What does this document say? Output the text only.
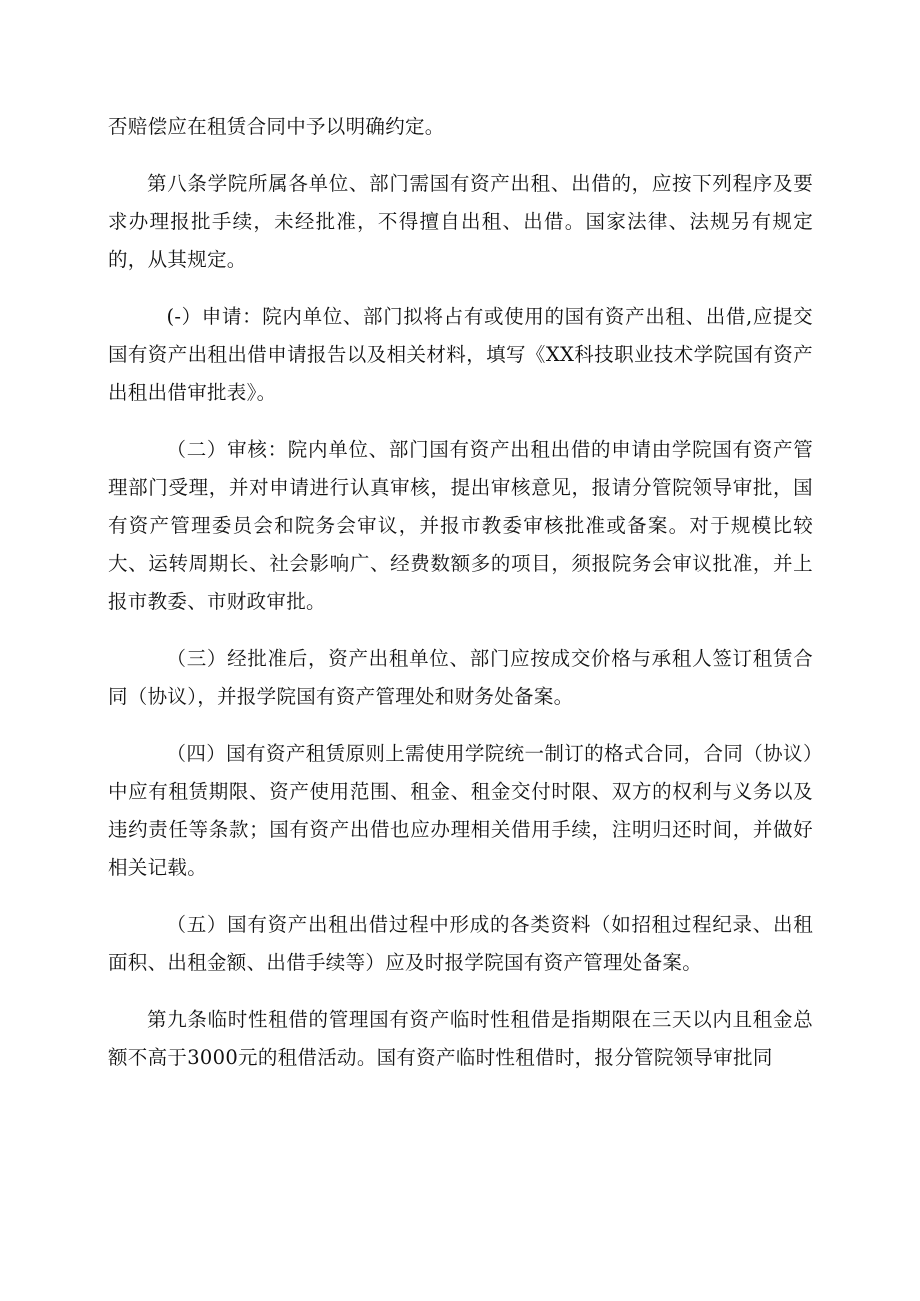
否赔偿应在租赁合同中予以明确约定。

第八条学院所属各单位、部门需国有资产出租、出借的，应按下列程序及要求办理报批手续，未经批准，不得擅自出租、出借。国家法律、法规另有规定的，从其规定。

(-）申请：院内单位、部门拟将占有或使用的国有资产出租、出借,应提交国有资产出租出借申请报告以及相关材料，填写《XX科技职业技术学院国有资产出租出借审批表》。

（二）审核：院内单位、部门国有资产出租出借的申请由学院国有资产管理部门受理，并对申请进行认真审核，提出审核意见，报请分管院领导审批，国有资产管理委员会和院务会审议，并报市教委审核批准或备案。对于规模比较大、运转周期长、社会影响广、经费数额多的项目，须报院务会审议批准，并上报市教委、市财政审批。

（三）经批准后，资产出租单位、部门应按成交价格与承租人签订租赁合同（协议），并报学院国有资产管理处和财务处备案。

（四）国有资产租赁原则上需使用学院统一制订的格式合同，合同（协议）中应有租赁期限、资产使用范围、租金、租金交付时限、双方的权利与义务以及违约责任等条款；国有资产出借也应办理相关借用手续，注明归还时间，并做好相关记载。

（五）国有资产出租出借过程中形成的各类资料（如招租过程纪录、出租面积、出租金额、出借手续等）应及时报学院国有资产管理处备案。

第九条临时性租借的管理国有资产临时性租借是指期限在三天以内且租金总额不高于3000元的租借活动。国有资产临时性租借时，报分管院领导审批同
